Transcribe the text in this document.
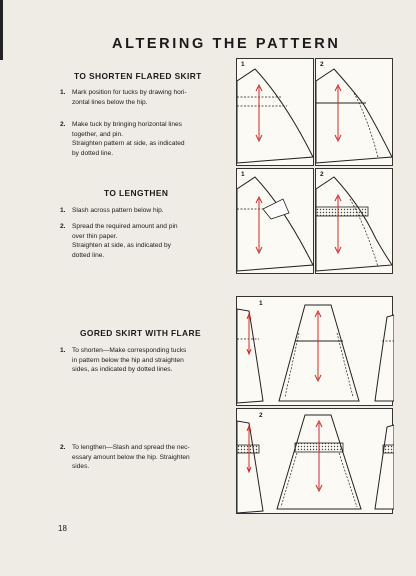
ALTERING THE PATTERN
TO SHORTEN FLARED SKIRT
1. Mark position for tucks by drawing hori-
zontal lines below the hip.
2. Make tuck by bringing horizontal lines
together, and pin.
Straighten pattern at side, as indicated
by dotted line.
TO LENGTHEN
1. Slash across pattern below hip.
2. Spread the required amount and pin
over thin paper.
Straighten at side, as indicated by
dotted line.
GORED SKIRT WITH FLARE
1. To shorten—Make corresponding tucks
in pattern below the hip and straighten
sides, as indicated by dotted lines.
2. To lengthen—Slash and spread the nec-
essary amount below the hip. Straighten
sides.
18
1	2
1	2
1
2
